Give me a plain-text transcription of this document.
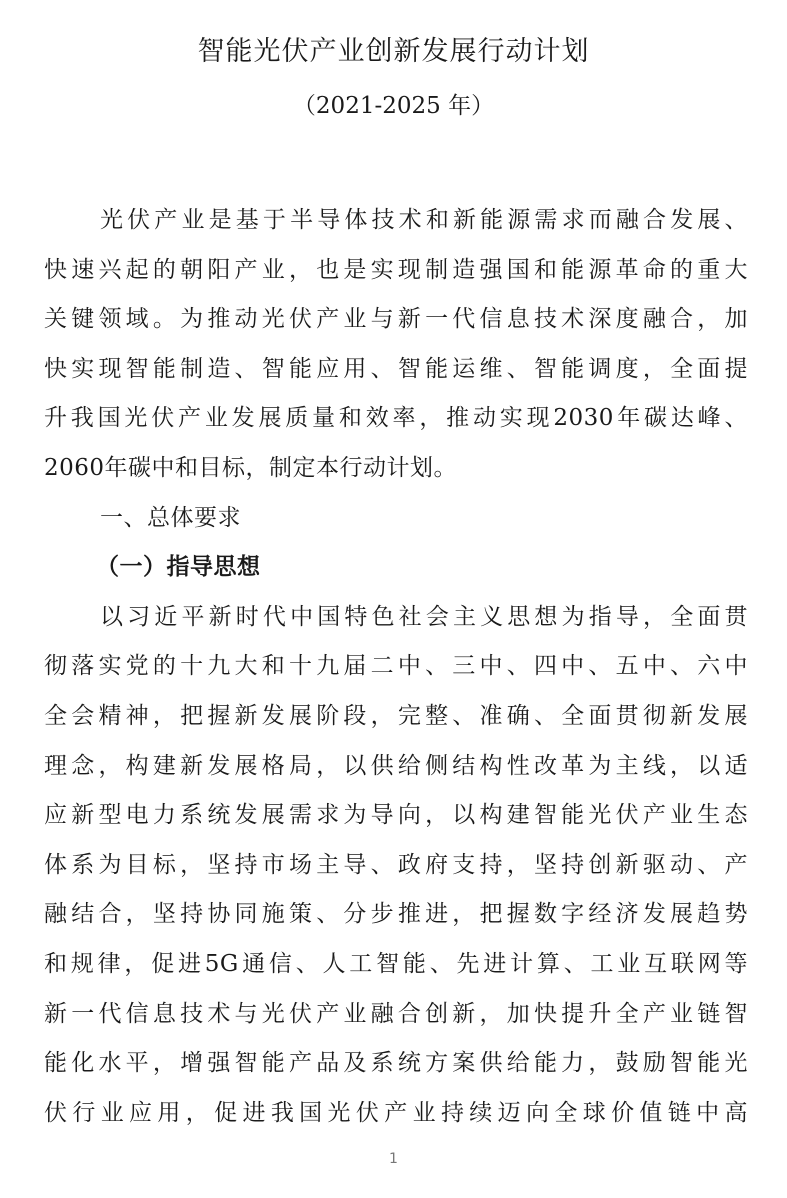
智能光伏产业创新发展行动计划
（2021-2025 年）
光伏产业是基于半导体技术和新能源需求而融合发展、
快速兴起的朝阳产业，也是实现制造强国和能源革命的重大
关键领域。为推动光伏产业与新一代信息技术深度融合，加
快实现智能制造、智能应用、智能运维、智能调度，全面提
升我国光伏产业发展质量和效率，推动实现2030年碳达峰、
2060年碳中和目标，制定本行动计划。
一、总体要求
（一）指导思想
以习近平新时代中国特色社会主义思想为指导，全面贯
彻落实党的十九大和十九届二中、三中、四中、五中、六中
全会精神，把握新发展阶段，完整、准确、全面贯彻新发展
理念，构建新发展格局，以供给侧结构性改革为主线，以适
应新型电力系统发展需求为导向，以构建智能光伏产业生态
体系为目标，坚持市场主导、政府支持，坚持创新驱动、产
融结合，坚持协同施策、分步推进，把握数字经济发展趋势
和规律，促进5G通信、人工智能、先进计算、工业互联网等
新一代信息技术与光伏产业融合创新，加快提升全产业链智
能化水平，增强智能产品及系统方案供给能力，鼓励智能光
伏行业应用，促进我国光伏产业持续迈向全球价值链中高
1
